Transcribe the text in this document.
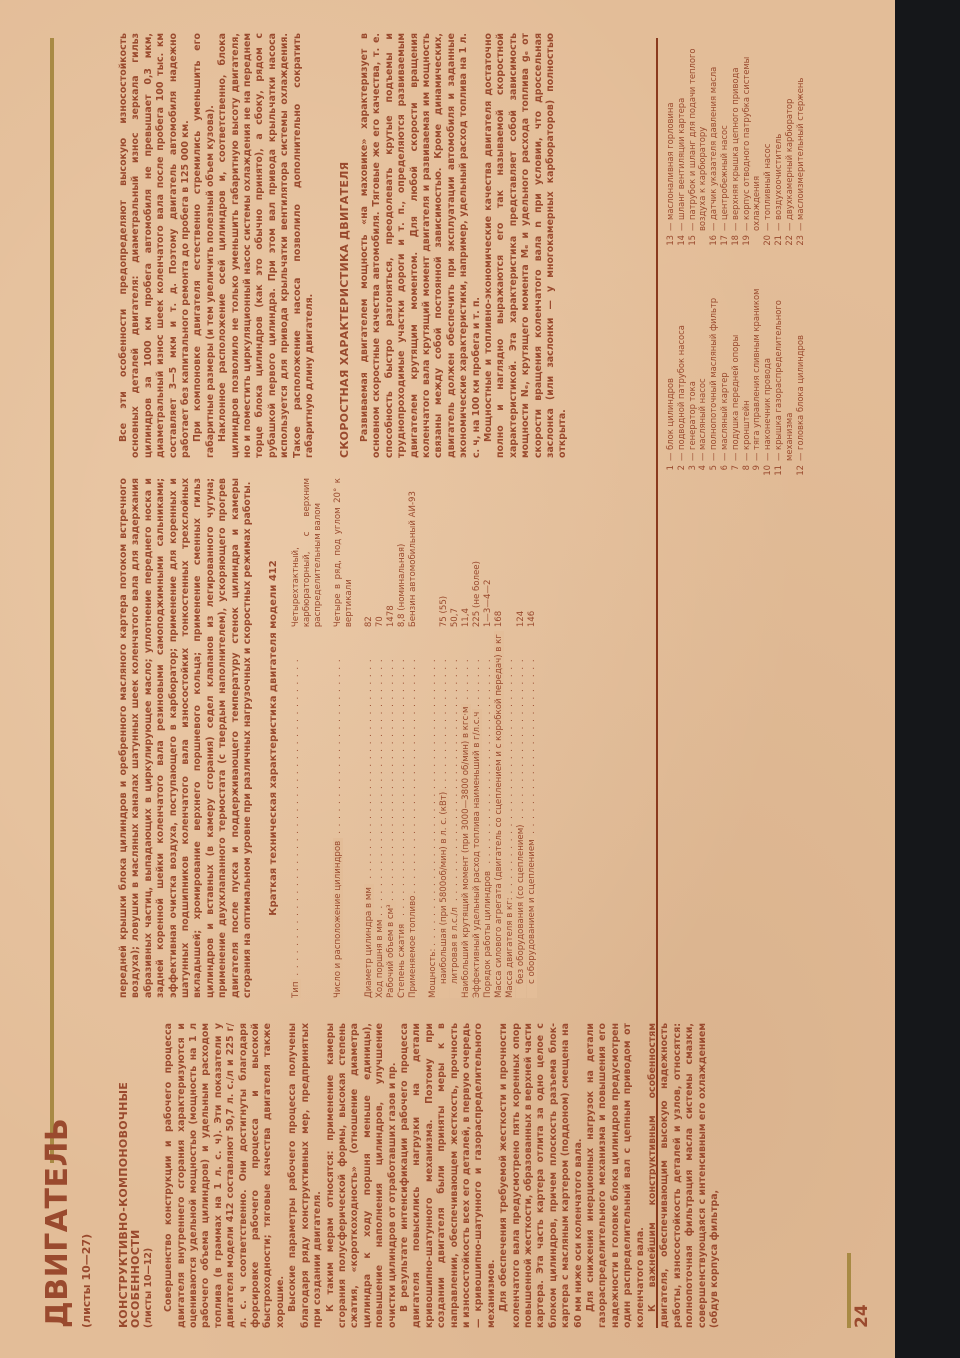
ДВИГАТЕЛЬ (листы 10—27) КОНСТРУКТИВНО-КОМПОНОВОЧНЫЕ ОСОБЕННОСТИ (листы 10—12) Совершенство конструкции и рабочего процесса двигателя внутреннего сгорания характеризуются и оцениваются удельной мощностью (мощность на 1 л рабочего объема цилиндров) и удельным расходом топлива (в граммах на 1 л. с. ч). Эти показатели у двигателя модели 412 составляют 50,7 л. с./л и 225 г/л. с. ч соответственно. Они достигнуты благодаря форсировке рабочего процесса и высокой быстроходности; тяговые качества двигателя также хорошие. Высокие параметры рабочего процесса получены благодаря ряду конструктивных мер, предпринятых при создании двигателя. К таким мерам относятся: применение камеры сгорания полусферической формы, высокая степень сжатия, «короткоходность» (отношение диаметра цилиндра к ходу поршня меньше единицы), повышение наполнения цилиндров, улучшение очистки цилиндров от отработавших газов и пр. В результате интенсификации рабочего процесса двигателя повысились нагрузки на детали кривошипно-шатунного механизма. Поэтому при создании двигателя были приняты меры к в направлении, обеспечивающем жесткость, прочность и износостойкость всех его деталей, в первую очередь — кривошипно-шатунного и газораспределительного механизмов. Для обеспечения требуемой жесткости и прочности коленчатого вала предусмотрено пять коренных опор повышенной жесткости, образованных в верхней части картера. Эта часть картера отлита за одно целое с блоком цилиндров, причем плоскость разъема блок-картера с масляным картером (поддоном) смещена на 60 мм ниже оси коленчатого вала. Для снижения инерционных нагрузок на детали газораспределительного механизма и повышения его надежности в головке блока цилиндров предусмотрен один распределительный вал с цепным приводом от коленчатого вала. К важнейшим конструктивным особенностям двигателя, обеспечивающим высокую надежность работы, износостойкость деталей и узлов, относятся: полнопоточная фильтрация масла системы смазки, совершенствующаяся с интенсивным его охлаждением (обдув корпуса фильтра,

передней крышки блока цилиндров и оребренного масляного картера потоком встречного воздуха); ловушки в масляных каналах шатунных шеек коленчатого вала для задержания абразивных частиц, выпадающих в циркулирующее масло; уплотнение переднего носка и задней коренной шейки коленчатого вала резиновыми самоподжимными сальниками; эффективная очистка воздуха, поступающего в карбюратор; применение для коренных и шатунных подшипников коленчатого вала износостойких тонкостенных трехслойных вкладышей; хромирование верхнего поршневого кольца; применение сменных гильз цилиндров и вставных (в камеру сгорания) седел клапанов из легированного чугуна; применение двухклапанного термостата (с твердым наполнителем), ускоряющего прогрев двигателя после пуска и поддерживающего температуру стенок цилиндра и камеры сгорания на оптимальном уровне при различных нагрузочных и скоростных режимах работы. Краткая техническая характеристика двигателя модели 412
Тип . . .	Четырехтактный, карбюраторный, с верхним распределительным валом

Число и расположение цилиндров . . .	Четыре в ряд, под углом 20° к вертикали

Диаметр цилиндра в мм . . .	82
Ход поршня в мм . . .	70
Рабочий объем в см³ . . .	1478
Степень сжатия . . .	8,8 (номинальная)
Применяемое топливо . . .	Бензин автомобильный АИ-93

Мощность: . . .	
наибольшая (при 5800об/мин) в л. с. (кВт) . . .	75 (55)
литровая в л.с./л . . .	50,7
Наибольший крутящий момент (при 3000—3800 об/мин) в кгс·м . . .	11,4
Эффективный удельный расход топлива наименьший в г/л.с.ч . . .	225 (не более)
Порядок работы цилиндров . . .	1—3—4—2
Масса силового агрегата (двигатель со сцеплением и с коробкой передач) в кг . . .	168
Масса двигателя в кг: . . .	
без оборудования (со сцеплением) . . .	124
с оборудованием и сцеплением . . .	146

Все эти особенности предопределяют высокую износостойкость основных деталей двигателя: диаметральный износ зеркала гильз цилиндров за 1000 км пробега автомобиля не превышает 0,3 мкм, диаметральный износ шеек коленчатого вала после пробега 100 тыс. км составляет 3—5 мкм и т. д. Поэтому двигатель автомобиля надежно работает без капитального ремонта до пробега в 125 000 км. При компоновке двигателя естественно стремились уменьшить его габаритные размеры (и тем увеличить полезный объем кузова). Наклонное расположение осей цилиндров и, соответственно, блока цилиндров позволило не только уменьшить габаритную высоту двигателя, но и поместить циркуляционный насос системы охлаждения не на переднем торце блока цилиндров (как это обычно принято), а сбоку, рядом с рубашкой первого цилиндра. При этом вал привода крыльчатки насоса используется для привода крыльчатки вентилятора системы охлаждения. Такое расположение насоса позволило дополнительно сократить габаритную длину двигателя. СКОРОСТНАЯ ХАРАКТЕРИСТИКА ДВИГАТЕЛЯ Развиваемая двигателем мощность «на маховике» характеризует в основном скоростные качества автомобиля. Тяговые же его качества, т. е. способность быстро разгоняться, преодолевать крутые подъемы и труднопроходимые участки дороги и т. п., определяются развиваемым двигателем крутящим моментом. Для любой скорости вращения коленчатого вала крутящий момент двигателя и развиваемая им мощность связаны между собой постоянной зависимостью. Кроме динамических, двигатель должен обеспечить при эксплуатации автомобиля и заданные экономические характеристики, например, удельный расход топлива на 1 л. с. ч, на 100 км пробега и т. п. Мощностные и топливно-экономические качества двигателя достаточно полно и наглядно выражаются его так называемой скоростной характеристикой. Эта характеристика представляет собой зависимость мощности Nₑ, крутящего момента Mₑ и удельного расхода топлива gₑ от скорости вращения коленчатого вала n при условии, что дроссельная заслонка (или заслонки — у многокамерных карбюраторов) полностью открыта.

1
— блок цилиндров
2
— подводной патрубок насоса
3
— генератор тока
4
— масляный насос
5
— полнопоточный масляный фильтр
6
— масляный картер
7
— подушка передней опоры
8
— кронштейн
9
— тяга управления сливным краником
10
— наконечник провода
11
— крышка газораспределительного механизма
12
— головка блока цилиндров
13
— маслоналивная горловина
14
— шланг вентиляции картера
15
— патрубок и шланг для подачи теплого воздуха к карбюратору
16
— датчик указателя давления масла
17
— центробежный насос
18
— верхняя крышка цепного привода
19
— корпус отводного патрубка системы охлаждения
20
— топливный насос
21
— воздухоочиститель
22
— двухкамерный карбюратор
23
— маслоизмерительный стержень
24
